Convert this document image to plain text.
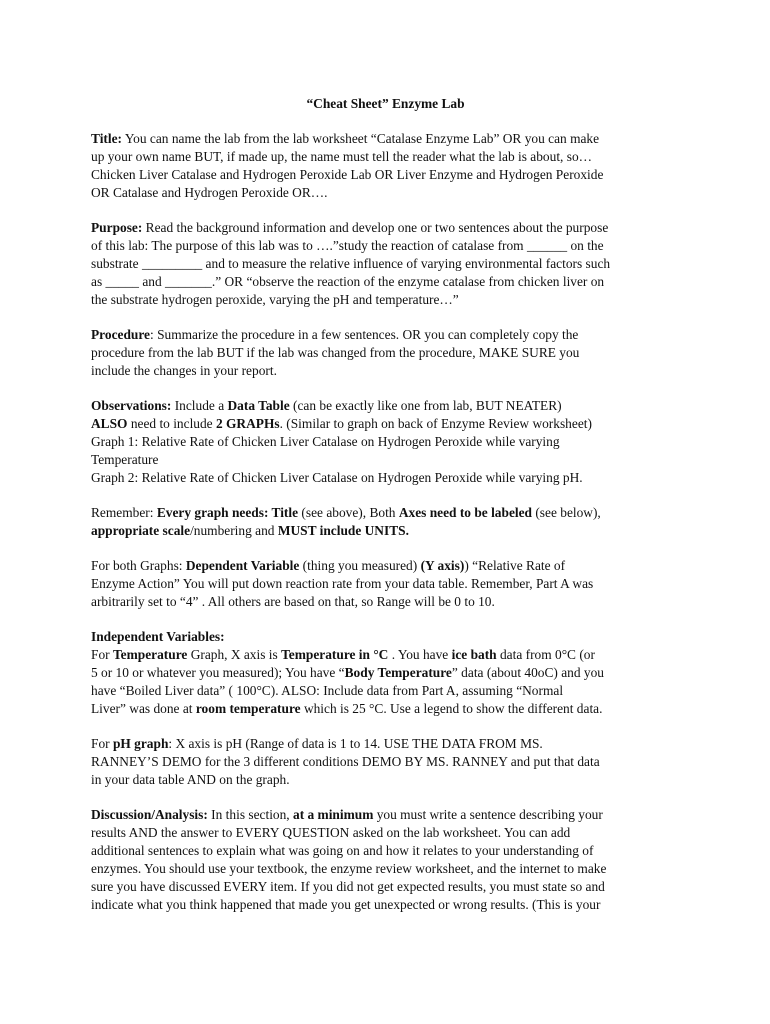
“Cheat Sheet” Enzyme Lab
Title: You can name the lab from the lab worksheet “Catalase Enzyme Lab” OR you can make
up your own name BUT, if made up, the name must tell the reader what the lab is about, so…
Chicken Liver Catalase and Hydrogen Peroxide Lab OR Liver Enzyme and Hydrogen Peroxide
OR Catalase and Hydrogen Peroxide OR….
Purpose: Read the background information and develop one or two sentences about the purpose
of this lab: The purpose of this lab was to ….”study the reaction of catalase from ______ on the
substrate _________ and to measure the relative influence of varying environmental factors such
as _____ and _______.” OR “observe the reaction of the enzyme catalase from chicken liver on
the substrate hydrogen peroxide, varying the pH and temperature…”
Procedure: Summarize the procedure in a few sentences. OR you can completely copy the
procedure from the lab BUT if the lab was changed from the procedure, MAKE SURE you
include the changes in your report.
Observations: Include a Data Table (can be exactly like one from lab, BUT NEATER)
ALSO need to include 2 GRAPHs. (Similar to graph on back of Enzyme Review worksheet)
Graph 1: Relative Rate of Chicken Liver Catalase on Hydrogen Peroxide while varying
Temperature
Graph 2: Relative Rate of Chicken Liver Catalase on Hydrogen Peroxide while varying pH.
Remember: Every graph needs: Title (see above), Both Axes need to be labeled (see below),
appropriate scale/numbering and MUST include UNITS.
For both Graphs: Dependent Variable (thing you measured) (Y axis)) “Relative Rate of
Enzyme Action” You will put down reaction rate from your data table. Remember, Part A was
arbitrarily set to “4” . All others are based on that, so Range will be 0 to 10.
Independent Variables:
For Temperature Graph, X axis is Temperature in °C . You have ice bath data from 0°C (or
5 or 10 or whatever you measured); You have “Body Temperature” data (about 40oC) and you
have “Boiled Liver data” ( 100°C). ALSO: Include data from Part A, assuming “Normal
Liver” was done at room temperature which is 25 °C. Use a legend to show the different data.
For pH graph: X axis is pH (Range of data is 1 to 14. USE THE DATA FROM MS.
RANNEY’S DEMO for the 3 different conditions DEMO BY MS. RANNEY and put that data
in your data table AND on the graph.
Discussion/Analysis: In this section, at a minimum you must write a sentence describing your
results AND the answer to EVERY QUESTION asked on the lab worksheet. You can add
additional sentences to explain what was going on and how it relates to your understanding of
enzymes. You should use your textbook, the enzyme review worksheet, and the internet to make
sure you have discussed EVERY item. If you did not get expected results, you must state so and
indicate what you think happened that made you get unexpected or wrong results. (This is your
